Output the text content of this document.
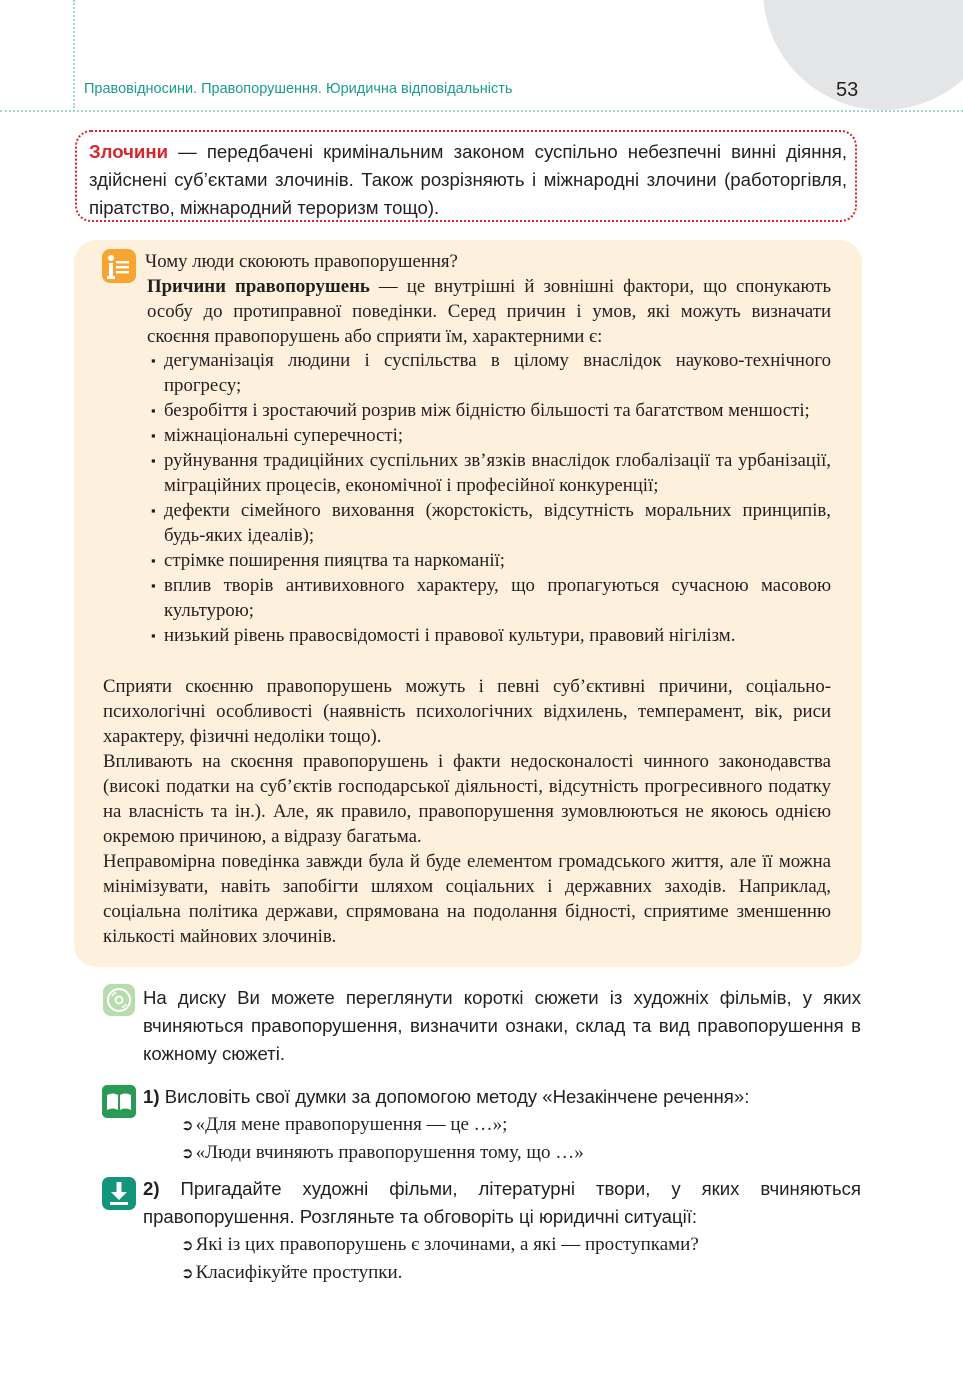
Правовідносини. Правопорушення. Юридична відповідальність	53
Злочини — передбачені кримінальним законом суспільно небезпечні винні діяння, здійснені суб’єктами злочинів. Також розрізняють і міжнародні злочини (работоргівля, піратство, міжнародний тероризм тощо).
Чому люди скоюють правопорушення?
Причини правопорушень — це внутрішні й зовнішні фактори, що спонукають особу до протиправної поведінки. Серед причин і умов, які можуть визначати скоєння правопорушень або сприяти їм, характерними є:
▪ дегуманізація людини і суспільства в цілому внаслідок науково-технічного прогресу;
▪ безробіття і зростаючий розрив між бідністю більшості та багатством меншості;
▪ міжнаціональні суперечності;
▪ руйнування традиційних суспільних зв’язків внаслідок глобалізації та урбанізації, міграційних процесів, економічної і професійної конкуренції;
▪ дефекти сімейного виховання (жорстокість, відсутність моральних принципів, будь-яких ідеалів);
▪ стрімке поширення пияцтва та наркоманії;
▪ вплив творів антивиховного характеру, що пропагуються сучасною масовою культурою;
▪ низький рівень правосвідомості і правової культури, правовий нігілізм.

Сприяти скоєнню правопорушень можуть і певні суб’єктивні причини, соціально-психологічні особливості (наявність психологічних відхилень, темперамент, вік, риси характеру, фізичні недоліки тощо).

Впливають на скоєння правопорушень і факти недосконалості чинного законодавства (високі податки на суб’єктів господарської діяльності, відсутність прогресивного податку на власність та ін.). Але, як правило, правопорушення зумовлюються не якоюсь однією окремою причиною, а відразу багатьма.

Неправомірна поведінка завжди була й буде елементом громадського життя, але її можна мінімізувати, навіть запобігти шляхом соціальних і державних заходів. Наприклад, соціальна політика держави, спрямована на подолання бідності, сприятиме зменшенню кількості майнових злочинів.

На диску Ви можете переглянути короткі сюжети із художніх фільмів, у яких вчиняються правопорушення, визначити ознаки, склад та вид правопорушення в кожному сюжеті.
1) Висловіть свої думки за допомогою методу «Незакінчене речення»:
➲ «Для мене правопорушення — це …»;
➲ «Люди вчиняють правопорушення тому, що …»
2) Пригадайте художні фільми, літературні твори, у яких вчиняються правопорушення. Розгляньте та обговоріть ці юридичні ситуації:
➲ Які із цих правопорушень є злочинами, а які — проступками?
➲ Класифікуйте проступки.
